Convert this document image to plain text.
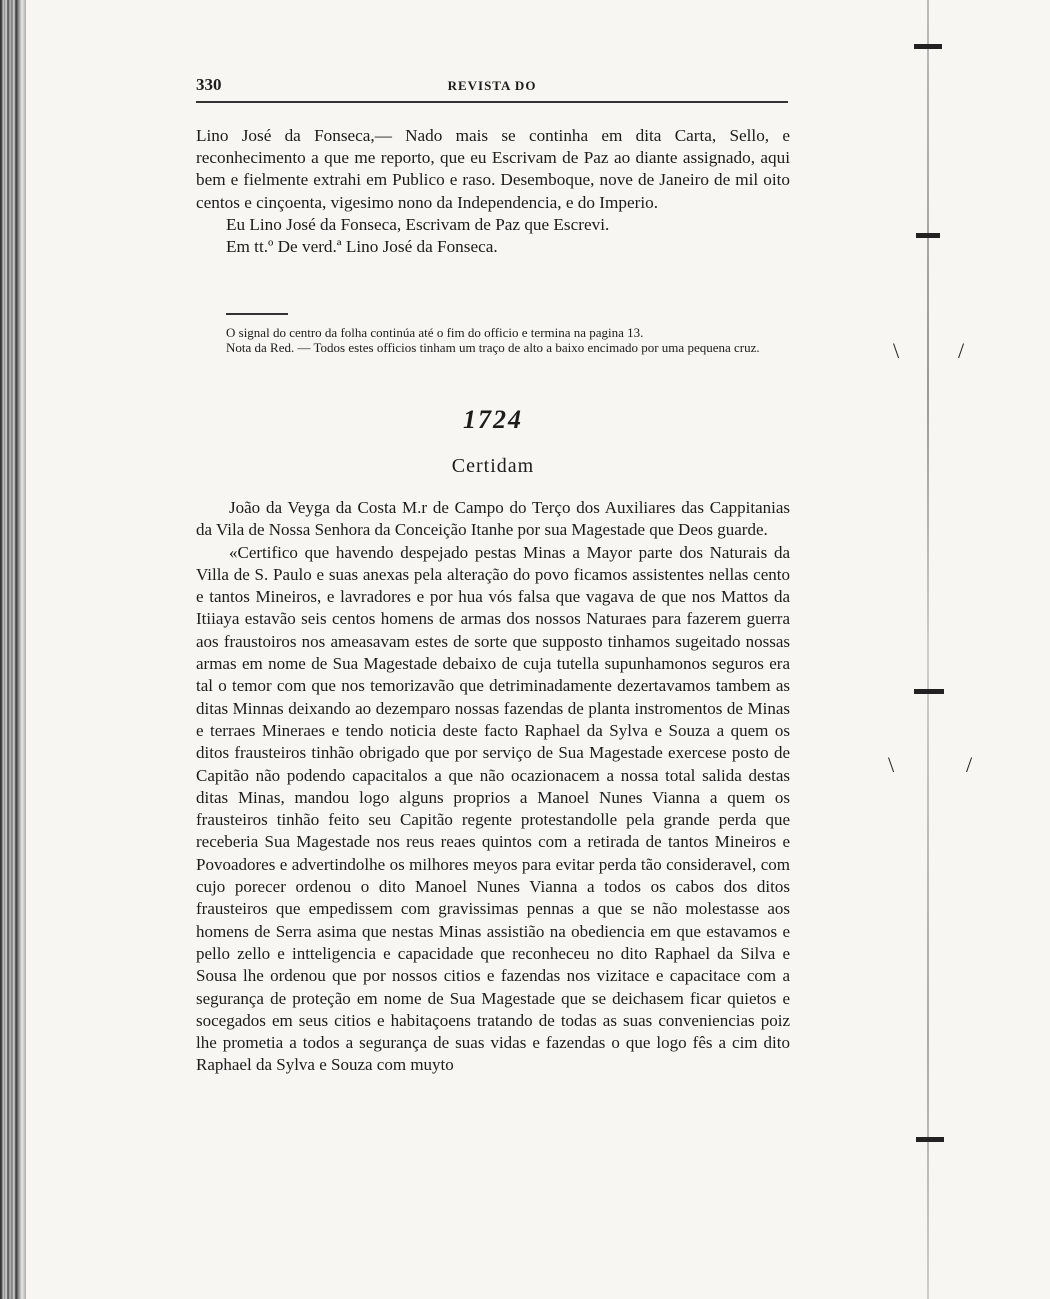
\	/
\	/
330	REVISTA DO

Lino José da Fonseca,— Nado mais se continha em dita Carta, Sello, e reconhecimento a que me reporto, que eu Escrivam de Paz ao diante assignado, aqui bem e fielmente extrahi em Publico e raso. Desemboque, nove de Janeiro de mil oito centos e cinçoenta, vigesimo nono da Independencia, e do Imperio.

Eu Lino José da Fonseca, Escrivam de Paz que Escrevi.

Em tt.º De verd.ª Lino José da Fonseca.

O signal do centro da folha continúa até o fim do officio e termina na pagina 13.

Nota da Red. — Todos estes officios tinham um traço de alto a baixo encimado por uma pequena cruz.

1724
Certidam

João da Veyga da Costa M.r de Campo do Terço dos Auxiliares das Cappitanias da Vila de Nossa Senhora da Conceição Itanhe por sua Magestade que Deos guarde.

«Certifico que havendo despejado pestas Minas a Mayor parte dos Naturais da Villa de S. Paulo e suas anexas pela alteração do povo ficamos assistentes nellas cento e tantos Mineiros, e lavradores e por hua vós falsa que vagava de que nos Mattos da Itiiaya estavão seis centos homens de armas dos nossos Naturaes para fazerem guerra aos fraustoiros nos ameasavam estes de sorte que supposto tinhamos sugeitado nossas armas em nome de Sua Magestade debaixo de cuja tutella supunhamonos seguros era tal o temor com que nos temorizavão que detriminadamente dezertavamos tambem as ditas Minnas deixando ao dezemparo nossas fazendas de planta instromentos de Minas e terraes Mineraes e tendo noticia deste facto Raphael da Sylva e Souza a quem os ditos frausteiros tinhão obrigado que por serviço de Sua Magestade exercese posto de Capitão não podendo capacitalos a que não ocazionacem a nossa total salida destas ditas Minas, mandou logo alguns proprios a Manoel Nunes Vianna a quem os frausteiros tinhão feito seu Capitão regente protestandolle pela grande perda que receberia Sua Magestade nos reus reaes quintos com a retirada de tantos Mineiros e Povoadores e advertindolhe os milhores meyos para evitar perda tão consideravel, com cujo porecer ordenou o dito Manoel Nunes Vianna a todos os cabos dos ditos frausteiros que empedissem com gravissimas pennas a que se não molestasse aos homens de Serra asima que nestas Minas assistião na obediencia em que estavamos e pello zello e intteligencia e capacidade que reconheceu no dito Raphael da Silva e Sousa lhe ordenou que por nossos citios e fazendas nos vizitace e capacitace com a segurança de proteção em nome de Sua Magestade que se deichasem ficar quietos e socegados em seus citios e habitaçoens tratando de todas as suas conveniencias poiz lhe prometia a todos a segurança de suas vidas e fazendas o que logo fês a cim dito Raphael da Sylva e Souza com muyto
